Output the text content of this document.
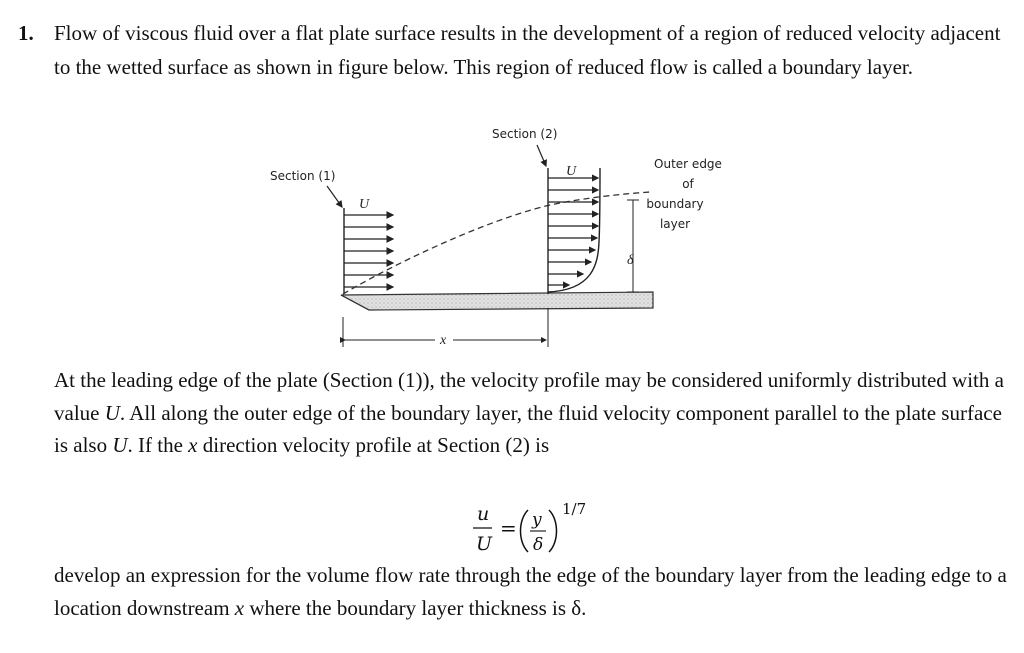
1. Flow of viscous fluid over a flat plate surface results in the development of a region of reduced velocity adjacent to the wetted surface as shown in figure below. This region of reduced flow is called a boundary layer.

δ
x
Section (1)
U
Section (2)
U	Outer edge
of
boundary
layer

At the leading edge of the plate (Section (1)), the velocity profile may be considered uniformly distributed with a value U. All along the outer edge of the boundary layer, the fluid velocity component parallel to the plate surface is also U. If the x direction velocity profile at Section (2) is

u
U
= y
δ
1/7

develop an expression for the volume flow rate through the edge of the boundary layer from the leading edge to a location downstream x where the boundary layer thickness is δ.
